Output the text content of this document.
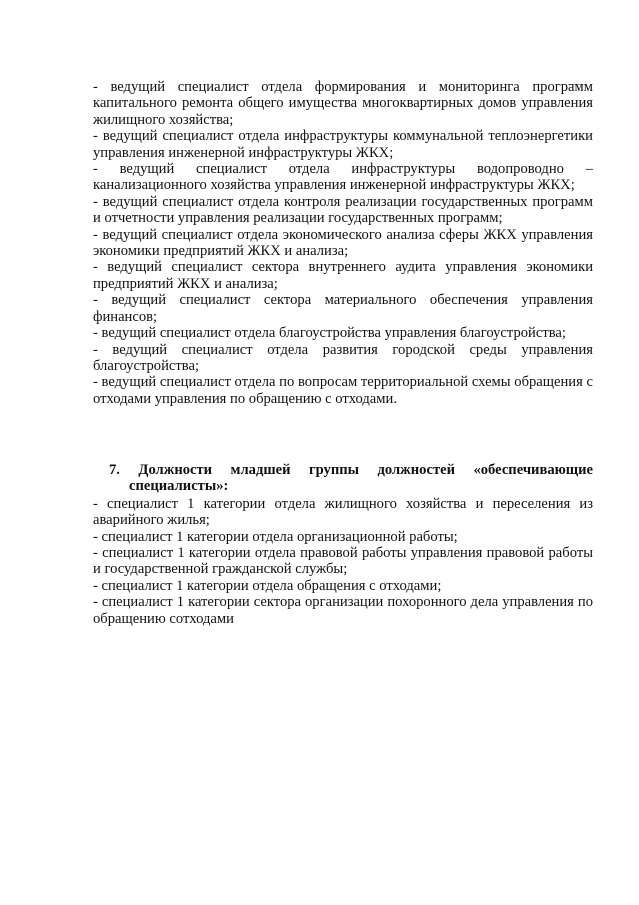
- ведущий специалист отдела формирования и мониторинга программ капитального ремонта общего имущества многоквартирных домов управления жилищного хозяйства;

- ведущий специалист отдела инфраструктуры коммунальной теплоэнергетики управления инженерной инфраструктуры ЖКХ;

- ведущий специалист отдела инфраструктуры водопроводно – канализационного хозяйства управления инженерной инфраструктуры ЖКХ;

- ведущий специалист отдела контроля реализации государственных программ и отчетности управления реализации государственных программ;

- ведущий специалист отдела экономического анализа сферы ЖКХ управления экономики предприятий ЖКХ и анализа;

- ведущий специалист сектора внутреннего аудита управления экономики предприятий ЖКХ и анализа;

- ведущий специалист сектора материального обеспечения управления финансов;

- ведущий специалист отдела благоустройства управления благоустройства;

- ведущий специалист отдела развития городской среды управления благоустройства;

- ведущий специалист отдела по вопросам территориальной схемы обращения с отходами управления по обращению с отходами.

7. Должности младшей группы должностей «обеспечивающие специалисты»:

- специалист 1 категории отдела жилищного хозяйства и переселения из аварийного жилья;

- специалист 1 категории отдела организационной работы;

- специалист 1 категории отдела правовой работы управления правовой работы и государственной гражданской службы;

- специалист 1 категории отдела обращения с отходами;

- специалист 1 категории сектора организации похоронного дела управления по обращению сотходами
